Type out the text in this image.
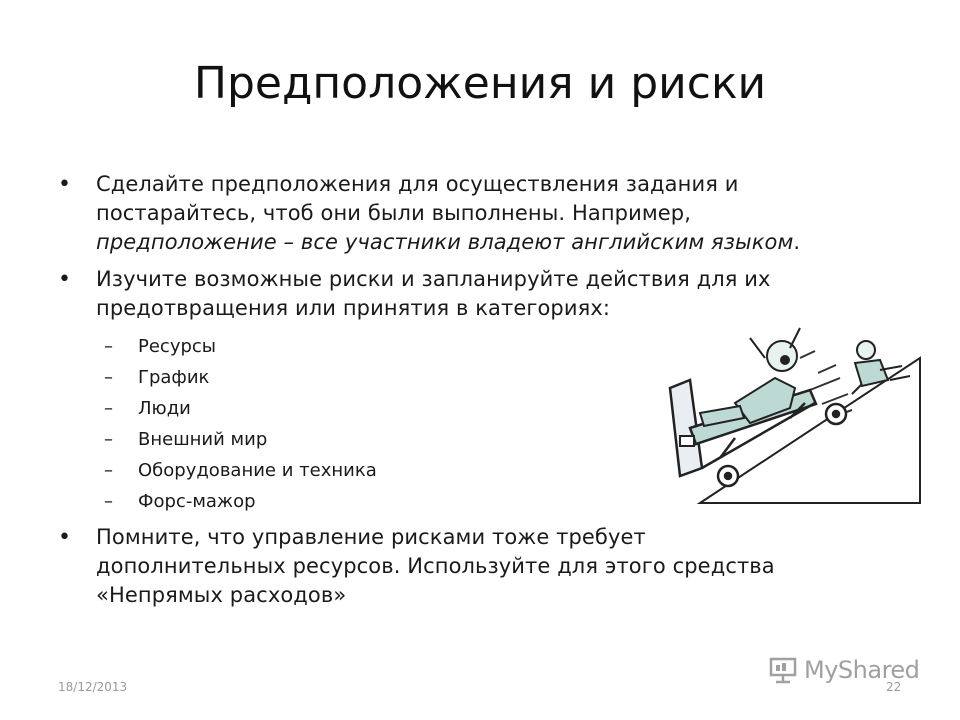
Предположения и риски
• Сделайте предположения для осуществления задания и
постарайтесь, чтоб они были выполнены. Например,
предположение – все участники владеют английским языком.
• Изучите возможные риски и запланируйте действия для их
предотвращения или принятия в категориях:
– Ресурсы
– График
– Люди
– Внешний мир
– Оборудование и техника
– Форс-мажор
• Помните, что управление рисками тоже требует
дополнительных ресурсов. Используйте для этого средства
«Непрямых расходов»
18/12/2013	22
MyShared
